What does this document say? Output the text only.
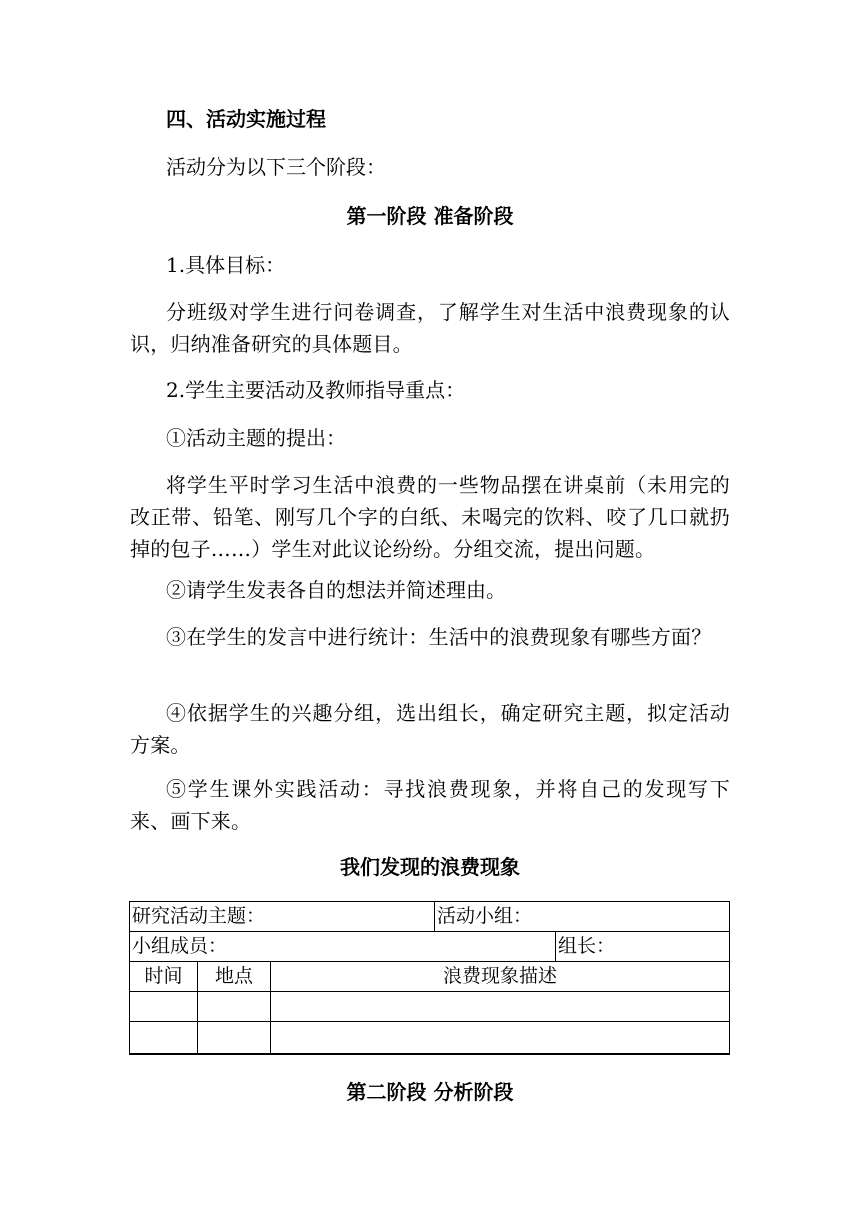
四、活动实施过程
活动分为以下三个阶段：
第一阶段 准备阶段
1.具体目标：
分班级对学生进行问卷调查，了解学生对生活中浪费现象的认识，归纳准备研究的具体题目。
2.学生主要活动及教师指导重点：
①活动主题的提出：
将学生平时学习生活中浪费的一些物品摆在讲桌前（未用完的改正带、铅笔、刚写几个字的白纸、未喝完的饮料、咬了几口就扔掉的包子……）学生对此议论纷纷。分组交流，提出问题。
②请学生发表各自的想法并简述理由。
③在学生的发言中进行统计：生活中的浪费现象有哪些方面？
④依据学生的兴趣分组，选出组长，确定研究主题，拟定活动方案。
⑤学生课外实践活动：寻找浪费现象，并将自己的发现写下来、画下来。
我们发现的浪费现象
研究活动主题：	活动小组：
小组成员：	组长：
时间	地点	浪费现象描述
第二阶段 分析阶段
